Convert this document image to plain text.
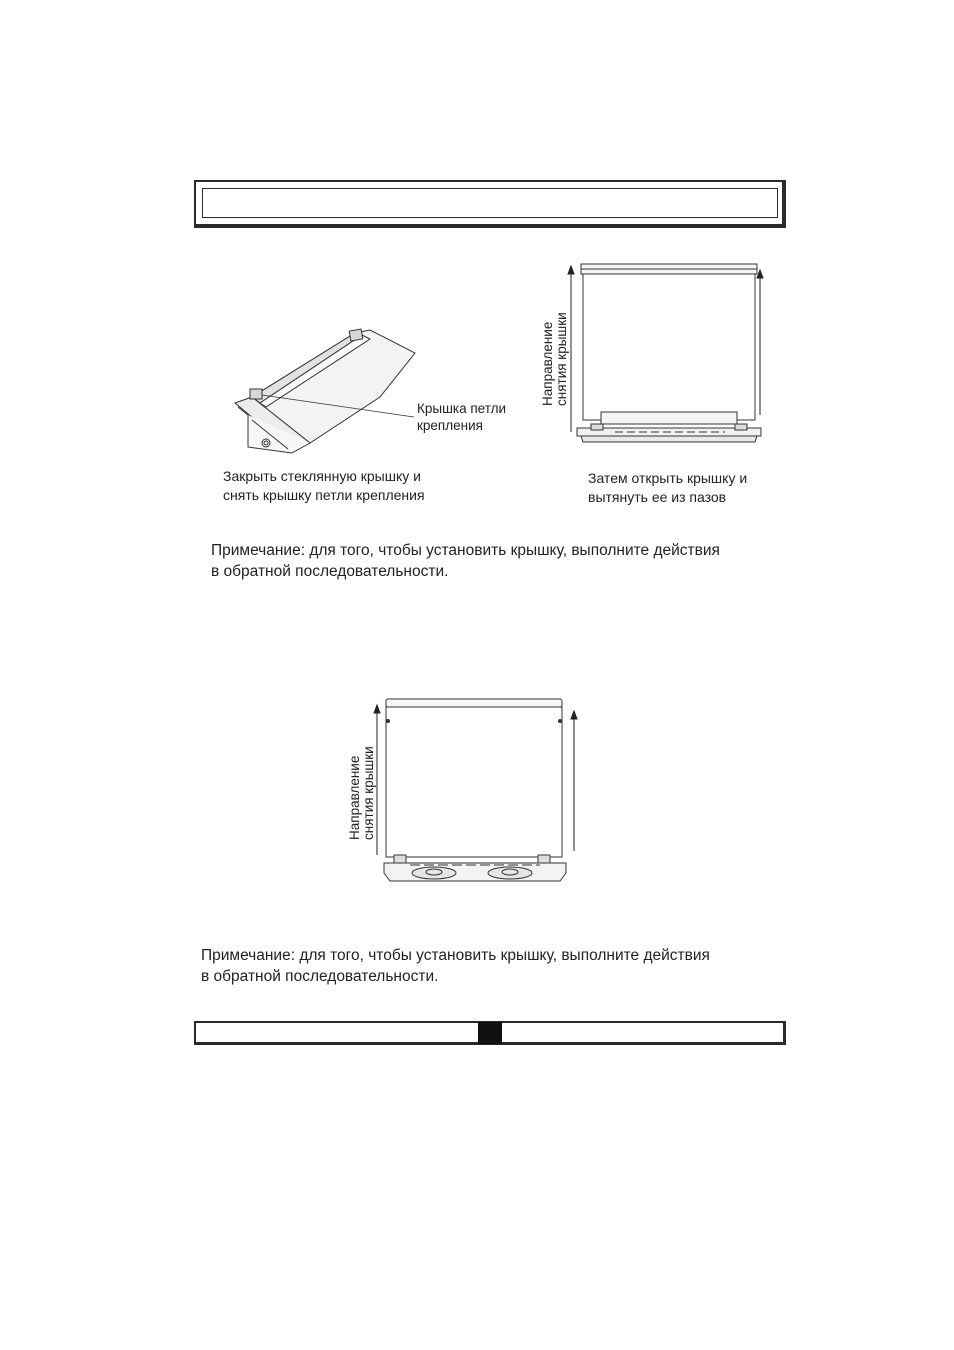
Крышка петли
крепления
Закрыть стеклянную крышку и
снять крышку петли крепления
Направление снятия крышки
Затем открыть крышку и
вытянуть ее из пазов
Примечание: для того, чтобы установить крышку, выполните действия
в обратной последовательности.
Направление снятия крышки
Примечание: для того, чтобы установить крышку, выполните действия
в обратной последовательности.
